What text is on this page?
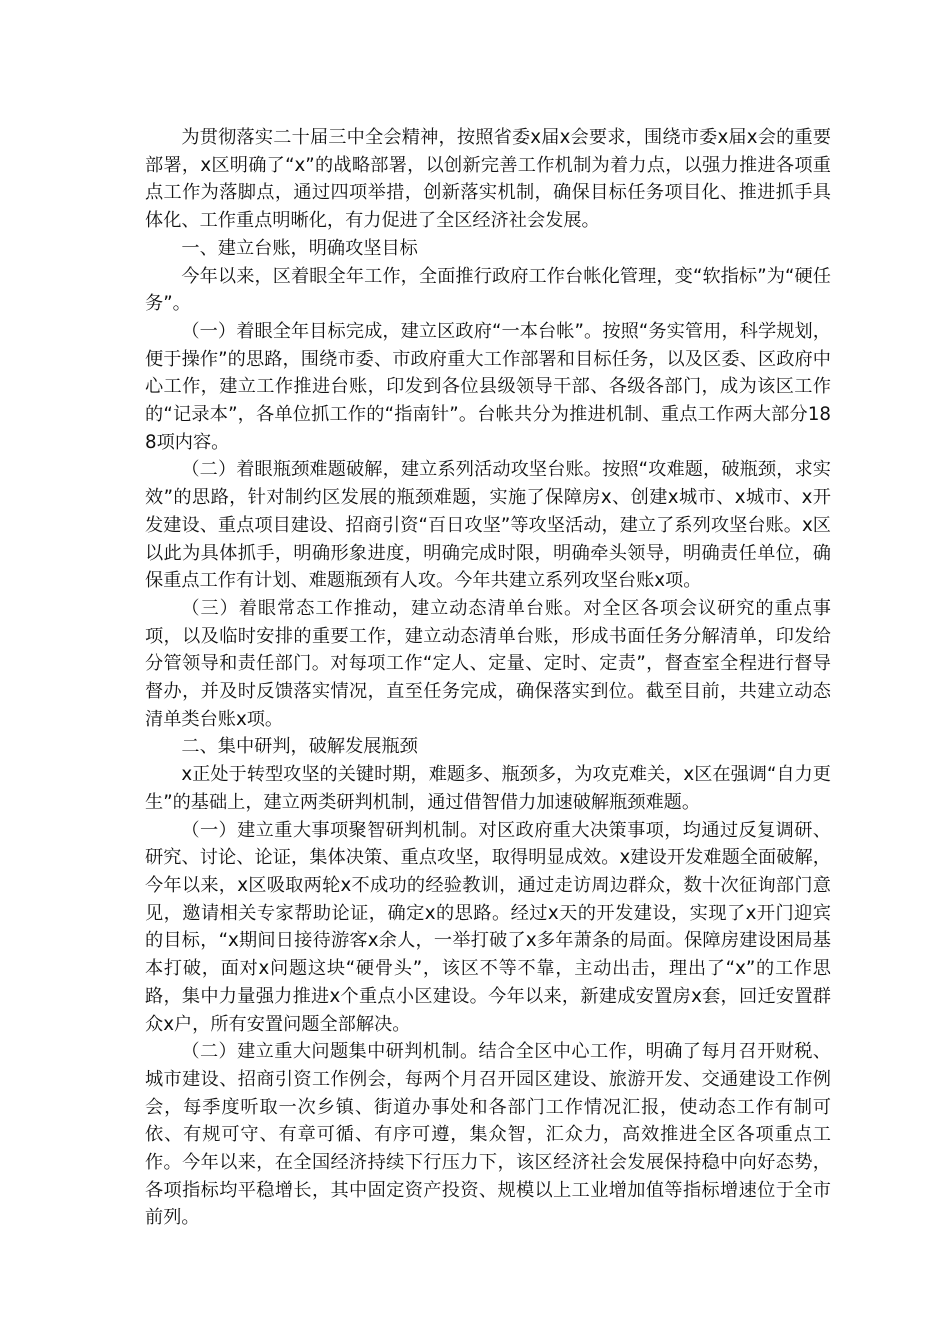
为贯彻落实二十届三中全会精神，按照省委x届x会要求，围绕市委x届x会的重要部署，x区明确了“x”的战略部署，以创新完善工作机制为着力点，以强力推进各项重点工作为落脚点，通过四项举措，创新落实机制，确保目标任务项目化、推进抓手具体化、工作重点明晰化，有力促进了全区经济社会发展。

一、建立台账，明确攻坚目标

今年以来，区着眼全年工作，全面推行政府工作台帐化管理，变“软指标”为“硬任务”。

（一）着眼全年目标完成，建立区政府“一本台帐”。按照“务实管用，科学规划，便于操作”的思路，围绕市委、市政府重大工作部署和目标任务，以及区委、区政府中心工作，建立工作推进台账，印发到各位县级领导干部、各级各部门，成为该区工作的“记录本”，各单位抓工作的“指南针”。台帐共分为推进机制、重点工作两大部分188项内容。

（二）着眼瓶颈难题破解，建立系列活动攻坚台账。按照“攻难题，破瓶颈，求实效”的思路，针对制约区发展的瓶颈难题，实施了保障房x、创建x城市、x城市、x开发建设、重点项目建设、招商引资“百日攻坚”等攻坚活动，建立了系列攻坚台账。x区以此为具体抓手，明确形象进度，明确完成时限，明确牵头领导，明确责任单位，确保重点工作有计划、难题瓶颈有人攻。今年共建立系列攻坚台账x项。

（三）着眼常态工作推动，建立动态清单台账。对全区各项会议研究的重点事项，以及临时安排的重要工作，建立动态清单台账，形成书面任务分解清单，印发给分管领导和责任部门。对每项工作“定人、定量、定时、定责”，督查室全程进行督导督办，并及时反馈落实情况，直至任务完成，确保落实到位。截至目前，共建立动态清单类台账x项。

二、集中研判，破解发展瓶颈

x正处于转型攻坚的关键时期，难题多、瓶颈多，为攻克难关，x区在强调“自力更生”的基础上，建立两类研判机制，通过借智借力加速破解瓶颈难题。

（一）建立重大事项聚智研判机制。对区政府重大决策事项，均通过反复调研、研究、讨论、论证，集体决策、重点攻坚，取得明显成效。x建设开发难题全面破解，今年以来，x区吸取两轮x不成功的经验教训，通过走访周边群众，数十次征询部门意见，邀请相关专家帮助论证，确定x的思路。经过x天的开发建设，实现了x开门迎宾的目标，“x期间日接待游客x余人，一举打破了x多年萧条的局面。保障房建设困局基本打破，面对x问题这块“硬骨头”，该区不等不靠，主动出击，理出了“x”的工作思路，集中力量强力推进x个重点小区建设。今年以来，新建成安置房x套，回迁安置群众x户，所有安置问题全部解决。

（二）建立重大问题集中研判机制。结合全区中心工作，明确了每月召开财税、城市建设、招商引资工作例会，每两个月召开园区建设、旅游开发、交通建设工作例会，每季度听取一次乡镇、街道办事处和各部门工作情况汇报，使动态工作有制可依、有规可守、有章可循、有序可遵，集众智，汇众力，高效推进全区各项重点工作。今年以来，在全国经济持续下行压力下，该区经济社会发展保持稳中向好态势，各项指标均平稳增长，其中固定资产投资、规模以上工业增加值等指标增速位于全市前列。
